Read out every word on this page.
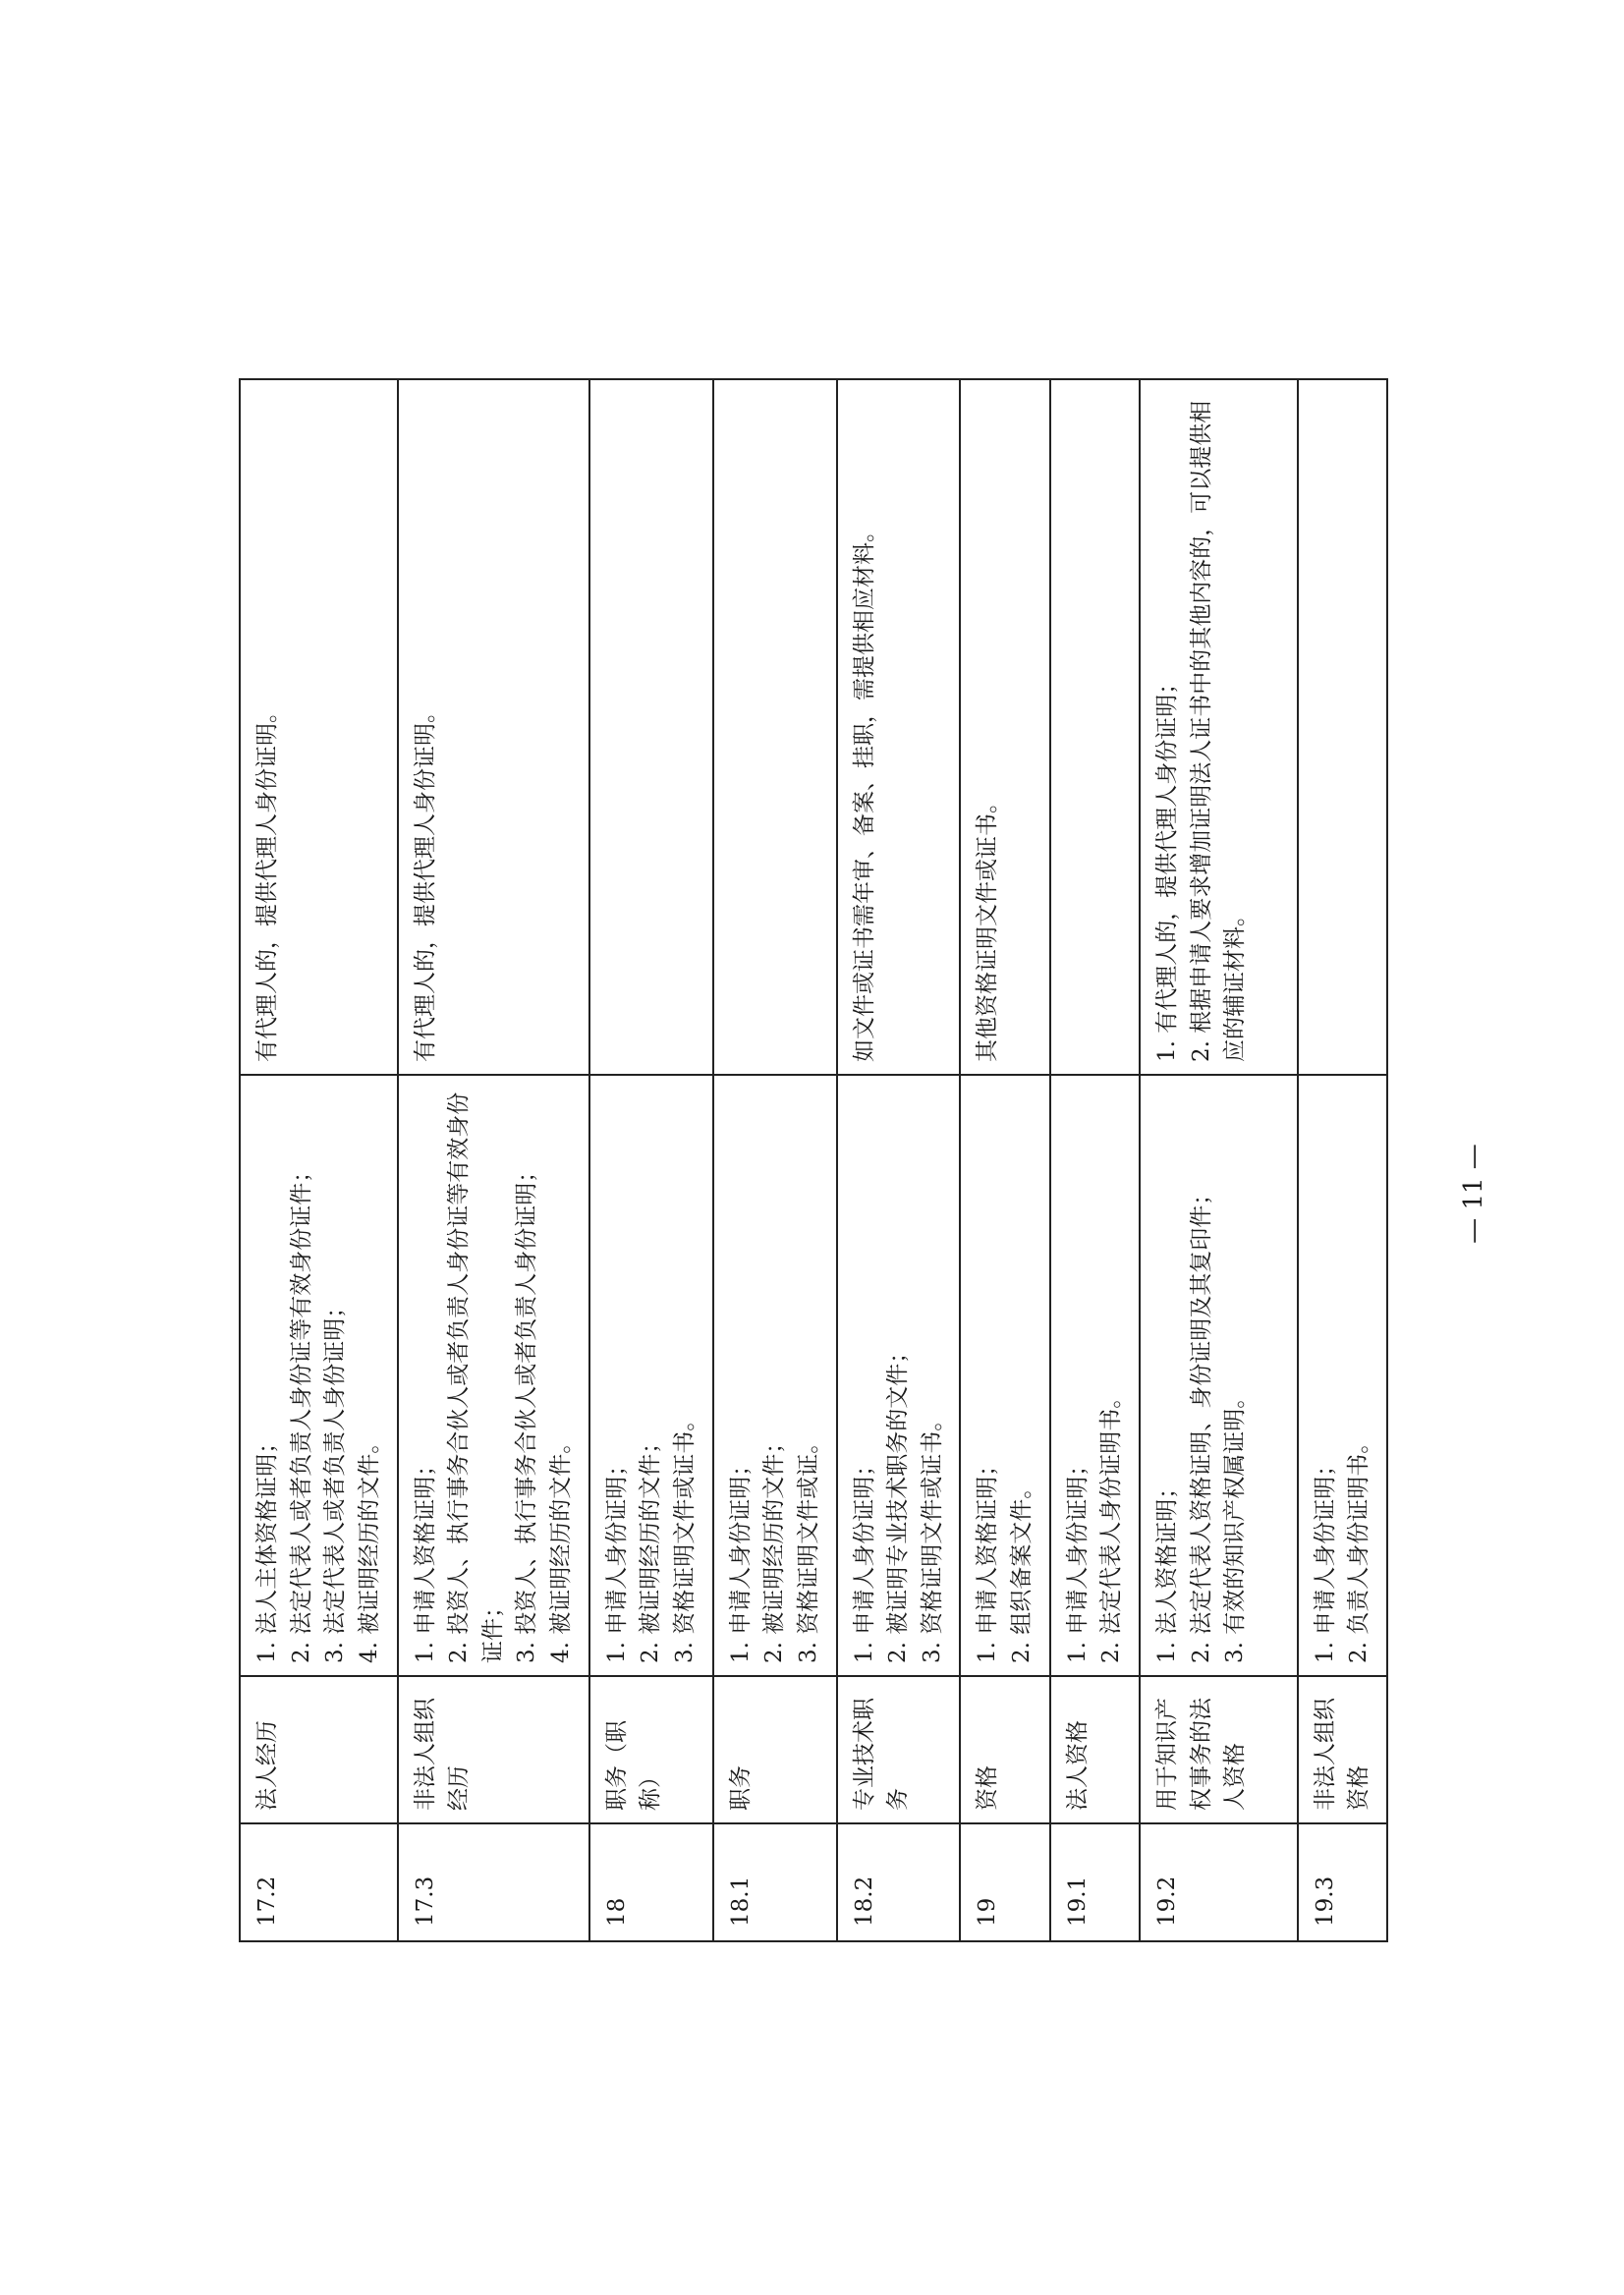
17.2	法人经历	1. 法人主体资格证明； 2. 法定代表人或者负责人身份证等有效身份证件； 3. 法定代表人或者负责人身份证明； 4. 被证明经历的文件。	有代理人的，提供代理人身份证明。

17.3	非法人组织经历	1. 申请人资格证明； 2. 投资人、执行事务合伙人或者负责人身份证等有效身份证件； 3. 投资人、执行事务合伙人或者负责人身份证明； 4. 被证明经历的文件。	有代理人的，提供代理人身份证明。

18	职务（职称）	1. 申请人身份证明； 2. 被证明经历的文件； 3. 资格证明文件或证书。	

18.1	职务	1. 申请人身份证明； 2. 被证明经历的文件； 3. 资格证明文件或证。	

18.2	专业技术职务	1. 申请人身份证明； 2. 被证明专业技术职务的文件； 3. 资格证明文件或证书。	如文件或证书需年审、备案、挂职，需提供相应材料。

19	资格	1. 申请人资格证明； 2. 组织备案文件。	其他资格证明文件或证书。

19.1	法人资格	1. 申请人身份证明； 2. 法定代表人身份证明书。	

19.2	用于知识产权事务的法人资格	1. 法人资格证明； 2. 法定代表人资格证明、身份证明及其复印件； 3. 有效的知识产权属证明。	1. 有代理人的，提供代理人身份证明； 2. 根据申请人要求增加证明法人证书中的其他内容的，可以提供相应的辅证材料。

19.3	非法人组织资格	1. 申请人身份证明； 2. 负责人身份证明书。	

— 11 —
